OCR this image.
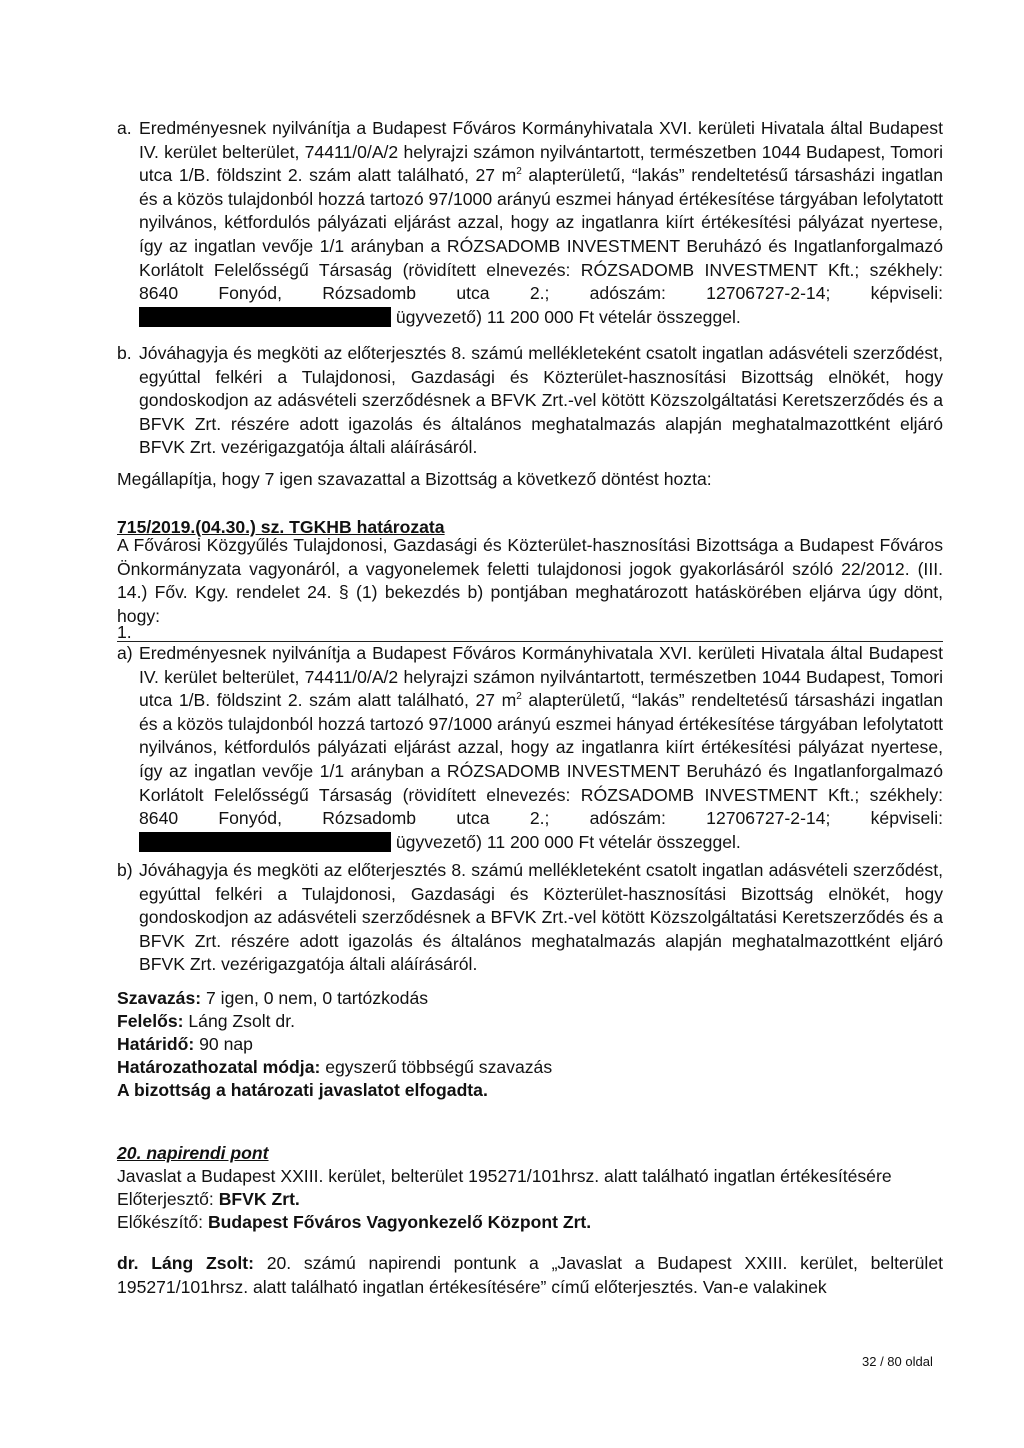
a. Eredményesnek nyilvánítja a Budapest Főváros Kormányhivatala XVI. kerületi Hivatala által Budapest IV. kerület belterület, 74411/0/A/2 helyrajzi számon nyilvántartott, természetben 1044 Budapest, Tomori utca 1/B. földszint 2. szám alatt található, 27 $m^2$ alapterületű, “lakás” rendeltetésű társasházi ingatlan és a közös tulajdonból hozzá tartozó 97/1000 arányú eszmei hányad értékesítése tárgyában lefolytatott nyilvános, kétfordulós pályázati eljárást azzal, hogy az ingatlanra kiírt értékesítési pályázat nyertese, így az ingatlan vevője 1/1 arányban a RÓZSADOMB INVESTMENT Beruházó és Ingatlanforgalmazó Korlátolt Felelősségű Társaság (rövidített elnevezés: RÓZSADOMB INVESTMENT Kft.; székhely: 8640 Fonyód, Rózsadomb utca 2.; adószám: 12706727-2-14; képviseli:  ügyvezető) 11 200 000 Ft vételár összeggel.

b. Jóváhagyja és megköti az előterjesztés 8. számú mellékleteként csatolt ingatlan adásvételi szerződést, egyúttal felkéri a Tulajdonosi, Gazdasági és Közterület-hasznosítási Bizottság elnökét, hogy gondoskodjon az adásvételi szerződésnek a BFVK Zrt.-vel kötött Közszolgáltatási Keretszerződés és a BFVK Zrt. részére adott igazolás és általános meghatalmazás alapján meghatalmazottként eljáró BFVK Zrt. vezérigazgatója általi aláírásáról.

Megállapítja, hogy 7 igen szavazattal a Bizottság a következő döntést hozta:

715/2019.(04.30.) sz. TGKHB határozata

A Fővárosi Közgyűlés Tulajdonosi, Gazdasági és Közterület-hasznosítási Bizottsága a Budapest Főváros Önkormányzata vagyonáról, a vagyonelemek feletti tulajdonosi jogok gyakorlásáról szóló 22/2012. (III. 14.) Főv. Kgy. rendelet 24. § (1) bekezdés b) pontjában meghatározott hatáskörében eljárva úgy dönt, hogy:

1.

a) Eredményesnek nyilvánítja a Budapest Főváros Kormányhivatala XVI. kerületi Hivatala által Budapest IV. kerület belterület, 74411/0/A/2 helyrajzi számon nyilvántartott, természetben 1044 Budapest, Tomori utca 1/B. földszint 2. szám alatt található, 27 $m^2$ alapterületű, “lakás” rendeltetésű társasházi ingatlan és a közös tulajdonból hozzá tartozó 97/1000 arányú eszmei hányad értékesítése tárgyában lefolytatott nyilvános, kétfordulós pályázati eljárást azzal, hogy az ingatlanra kiírt értékesítési pályázat nyertese, így az ingatlan vevője 1/1 arányban a RÓZSADOMB INVESTMENT Beruházó és Ingatlanforgalmazó Korlátolt Felelősségű Társaság (rövidített elnevezés: RÓZSADOMB INVESTMENT Kft.; székhely: 8640 Fonyód, Rózsadomb utca 2.; adószám: 12706727-2-14; képviseli:  ügyvezető) 11 200 000 Ft vételár összeggel.

b) Jóváhagyja és megköti az előterjesztés 8. számú mellékleteként csatolt ingatlan adásvételi szerződést, egyúttal felkéri a Tulajdonosi, Gazdasági és Közterület-hasznosítási Bizottság elnökét, hogy gondoskodjon az adásvételi szerződésnek a BFVK Zrt.-vel kötött Közszolgáltatási Keretszerződés és a BFVK Zrt. részére adott igazolás és általános meghatalmazás alapján meghatalmazottként eljáró BFVK Zrt. vezérigazgatója általi aláírásáról.

Szavazás: 7 igen, 0 nem, 0 tartózkodás
Felelős: Láng Zsolt dr.
Határidő: 90 nap
Határozathozatal módja: egyszerű többségű szavazás
A bizottság a határozati javaslatot elfogadta.
20. napirendi pont
Javaslat a Budapest XXIII. kerület, belterület 195271/101hrsz. alatt található ingatlan értékesítésére
Előterjesztő: BFVK Zrt.
Előkészítő: Budapest Főváros Vagyonkezelő Központ Zrt.

dr. Láng Zsolt: 20. számú napirendi pontunk a „Javaslat a Budapest XXIII. kerület, belterület 195271/101hrsz. alatt található ingatlan értékesítésére” című előterjesztés. Van-e valakinek

32 / 80 oldal
